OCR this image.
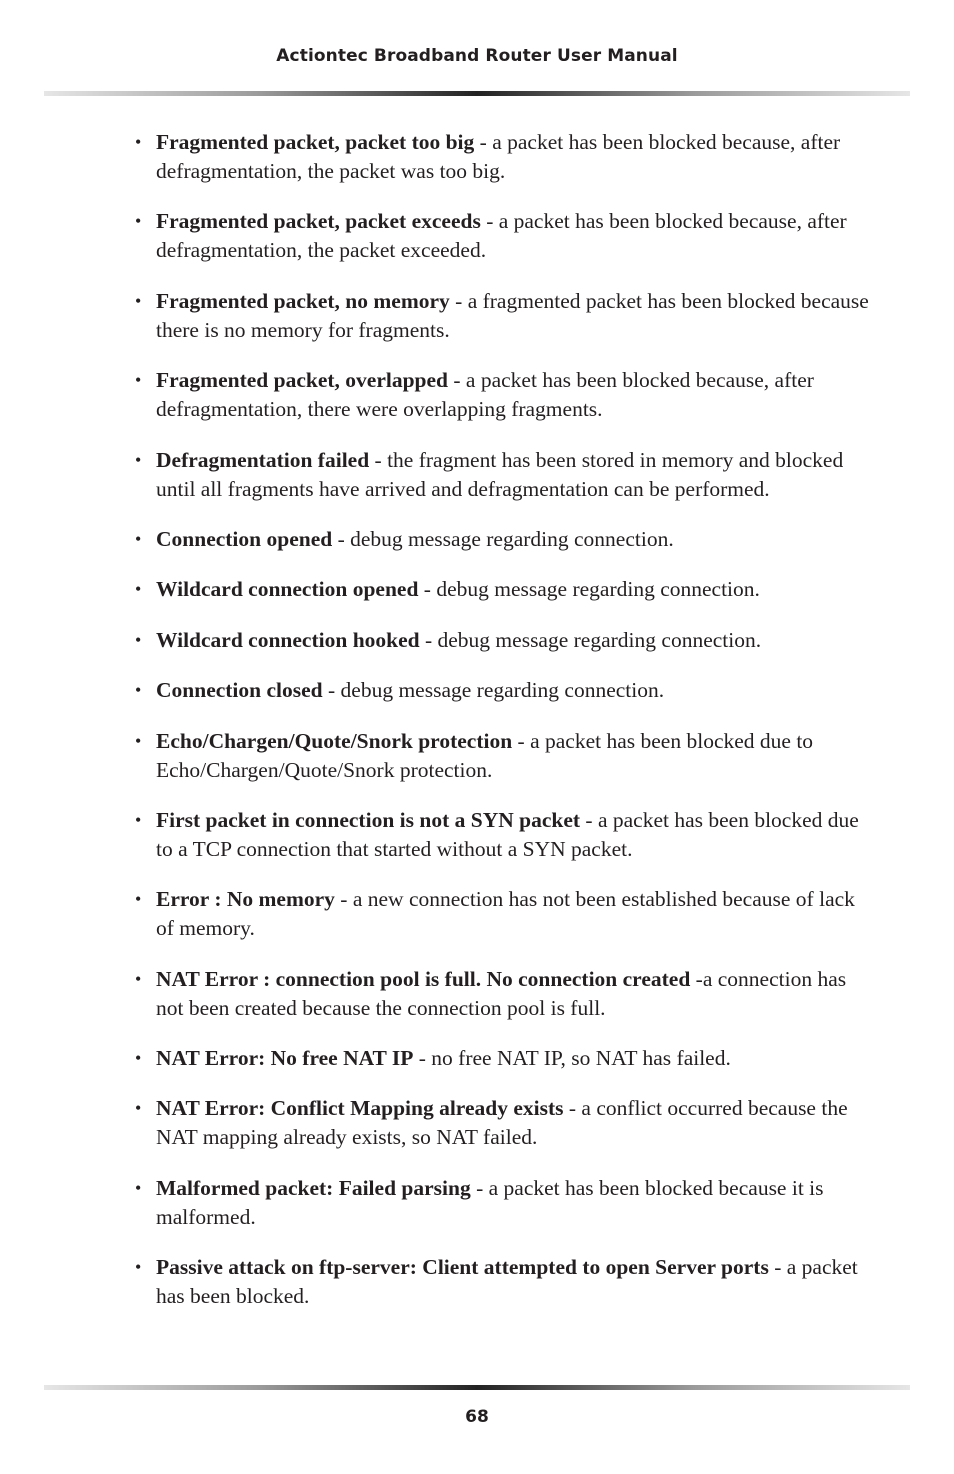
Actiontec Broadband Router User Manual
• Fragmented packet, packet too big - a packet has been blocked because, after defragmentation, the packet was too big.
• Fragmented packet, packet exceeds - a packet has been blocked because, after defragmentation, the packet exceeded.
• Fragmented packet, no memory - a fragmented packet has been blocked because there is no memory for fragments.
• Fragmented packet, overlapped - a packet has been blocked because, after defragmentation, there were overlapping fragments.
• Defragmentation failed - the fragment has been stored in memory and blocked until all fragments have arrived and defragmentation can be performed.
• Connection opened - debug message regarding connection.
• Wildcard connection opened - debug message regarding connection.
• Wildcard connection hooked - debug message regarding connection.
• Connection closed - debug message regarding connection.
• Echo/Chargen/Quote/Snork protection - a packet has been blocked due to Echo/Chargen/Quote/Snork protection.
• First packet in connection is not a SYN packet - a packet has been blocked due to a TCP connection that started without a SYN packet.
• Error : No memory - a new connection has not been established because of lack of memory.
• NAT Error : connection pool is full. No connection created -a connection has not been created because the connection pool is full.
• NAT Error: No free NAT IP - no free NAT IP, so NAT has failed.
• NAT Error: Conflict Mapping already exists - a conflict occurred because the NAT mapping already exists, so NAT failed.
• Malformed packet: Failed parsing - a packet has been blocked because it is malformed.
• Passive attack on ftp-server: Client attempted to open Server ports - a packet has been blocked.
68
